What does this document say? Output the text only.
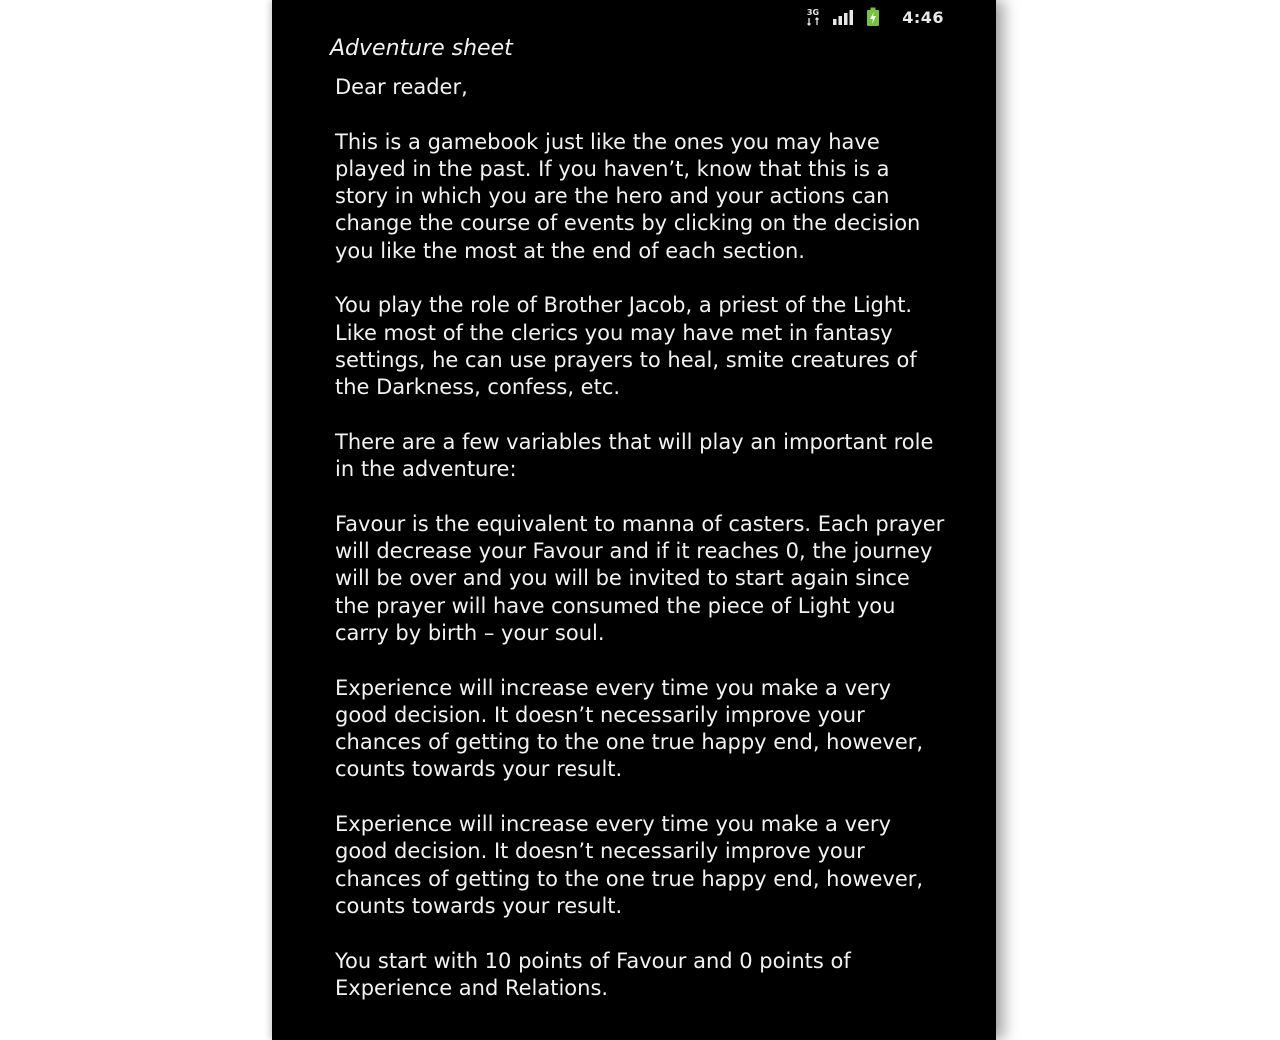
3G	4:46
Adventure sheet

Dear reader,

This is a gamebook just like the ones you may have played in the past. If you haven’t, know that this is a story in which you are the hero and your actions can change the course of events by clicking on the decision you like the most at the end of each section.

You play the role of Brother Jacob, a priest of the Light. Like most of the clerics you may have met in fantasy settings, he can use prayers to heal, smite creatures of the Darkness, confess, etc.

There are a few variables that will play an important role in the adventure:

Favour is the equivalent to manna of casters. Each prayer will decrease your Favour and if it reaches 0, the journey will be over and you will be invited to start again since the prayer will have consumed the piece of Light you carry by birth – your soul.

Experience will increase every time you make a very good decision. It doesn’t necessarily improve your chances of getting to the one true happy end, however, counts towards your result.

Experience will increase every time you make a very good decision. It doesn’t necessarily improve your chances of getting to the one true happy end, however, counts towards your result.

You start with 10 points of Favour and 0 points of Experience and Relations.
